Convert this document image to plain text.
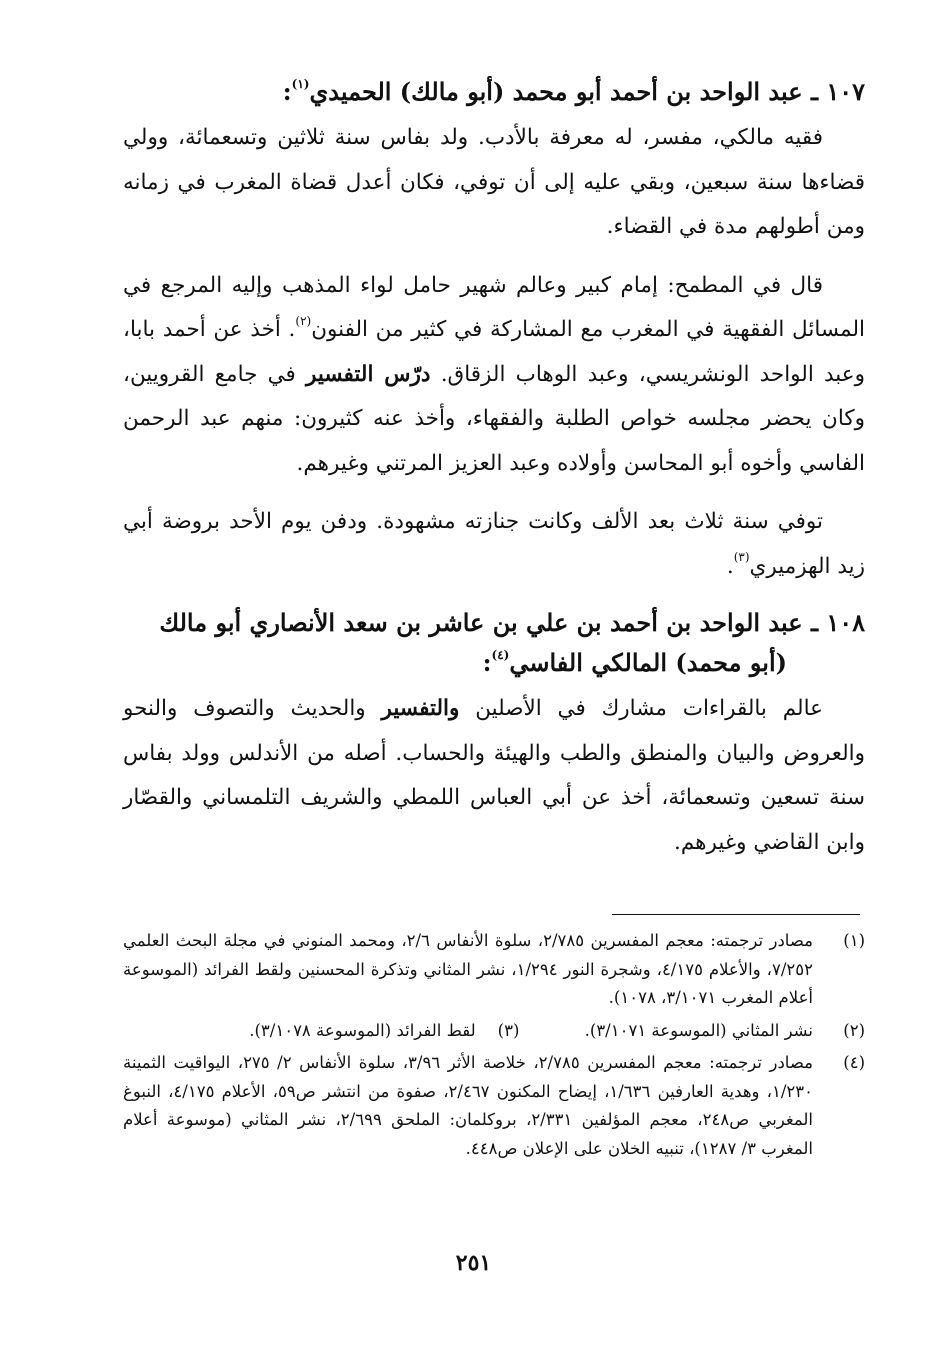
١٠٧ ـ عبد الواحد بن أحمد أبو محمد (أبو مالك) الحميدي$^{(١)}$:

فقيه مالكي، مفسر، له معرفة بالأدب. ولد بفاس سنة ثلاثين وتسعمائة، وولي قضاءها سنة سبعين، وبقي عليه إلى أن توفي، فكان أعدل قضاة المغرب في زمانه ومن أطولهم مدة في القضاء.

قال في المطمح: إمام كبير وعالم شهير حامل لواء المذهب وإليه المرجع في المسائل الفقهية في المغرب مع المشاركة في كثير من الفنون$^{(٢)}$. أخذ عن أحمد بابا، وعبد الواحد الونشريسي، وعبد الوهاب الزقاق. درّس التفسير في جامع القرويين، وكان يحضر مجلسه خواص الطلبة والفقهاء، وأخذ عنه كثيرون: منهم عبد الرحمن الفاسي وأخوه أبو المحاسن وأولاده وعبد العزيز المرتني وغيرهم.

توفي سنة ثلاث بعد الألف وكانت جنازته مشهودة. ودفن يوم الأحد بروضة أبي زيد الهزميري$^{(٣)}$.

١٠٨ ـ عبد الواحد بن أحمد بن علي بن عاشر بن سعد الأنصاري أبو مالك
(أبو محمد) المالكي الفاسي$^{(٤)}$:

عالم بالقراءات مشارك في الأصلين والتفسير والحديث والتصوف والنحو والعروض والبيان والمنطق والطب والهيئة والحساب. أصله من الأندلس وولد بفاس سنة تسعين وتسعمائة، أخذ عن أبي العباس اللمطي والشريف التلمساني والقصّار وابن القاضي وغيرهم.

(١)
مصادر ترجمته: معجم المفسرين ٢/٧٨٥، سلوة الأنفاس ٢/٦، ومحمد المنوني في مجلة البحث العلمي ٧/٢٥٢، والأعلام ٤/١٧٥، وشجرة النور ١/٢٩٤، نشر المثاني وتذكرة المحسنين ولقط الفرائد (الموسوعة أعلام المغرب ٣/١٠٧١، ١٠٧٨).
(٢)
نشر المثاني (الموسوعة ٣/١٠٧١). (٣)لقط الفرائد (الموسوعة ٣/١٠٧٨).
(٤)
مصادر ترجمته: معجم المفسرين ٢/٧٨٥، خلاصة الأثر ٣/٩٦، سلوة الأنفاس ٢/ ٢٧٥، اليواقيت الثمينة ١/٢٣٠، وهدية العارفين ١/٦٣٦، إيضاح المكنون ٢/٤٦٧، صفوة من انتشر ص٥٩، الأعلام ٤/١٧٥، النبوغ المغربي ص٢٤٨، معجم المؤلفين ٢/٣٣١، بروكلمان: الملحق ٢/٦٩٩، نشر المثاني (موسوعة أعلام المغرب ٣/ ١٢٨٧)، تنبيه الخلان على الإعلان ص٤٤٨.
٢٥١
